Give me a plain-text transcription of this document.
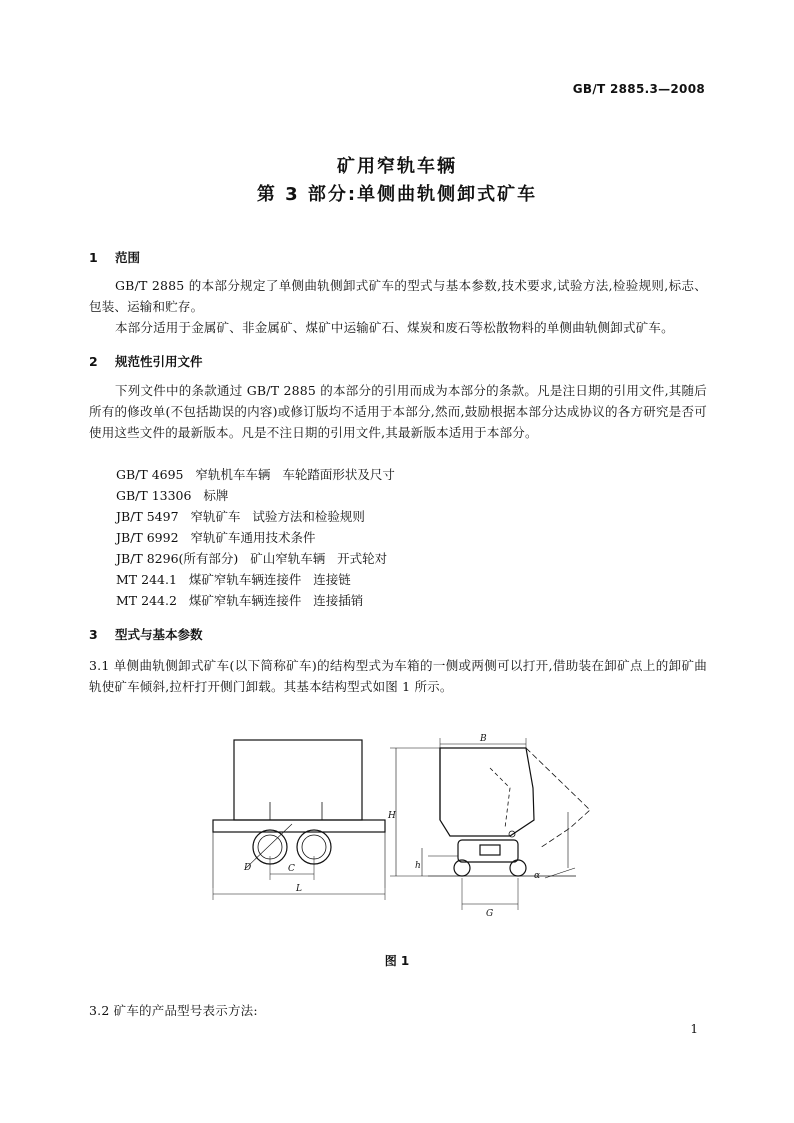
GB/T 2885.3—2008
矿用窄轨车辆
第 3 部分:单侧曲轨侧卸式矿车
1 范围
GB/T 2885 的本部分规定了单侧曲轨侧卸式矿车的型式与基本参数,技术要求,试验方法,检验规则,标志、包装、运输和贮存。
本部分适用于金属矿、非金属矿、煤矿中运输矿石、煤炭和废石等松散物料的单侧曲轨侧卸式矿车。
2 规范性引用文件
下列文件中的条款通过 GB/T 2885 的本部分的引用而成为本部分的条款。凡是注日期的引用文件,其随后所有的修改单(不包括勘误的内容)或修订版均不适用于本部分,然而,鼓励根据本部分达成协议的各方研究是否可使用这些文件的最新版本。凡是不注日期的引用文件,其最新版本适用于本部分。
GB/T 4695   窄轨机车车辆   车轮踏面形状及尺寸
GB/T 13306   标牌
JB/T 5497   窄轨矿车   试验方法和检验规则
JB/T 6992   窄轨矿车通用技术条件
JB/T 8296(所有部分)   矿山窄轨车辆   开式轮对
MT 244.1   煤矿窄轨车辆连接件   连接链
MT 244.2   煤矿窄轨车辆连接件   连接插销
3 型式与基本参数
3.1 单侧曲轨侧卸式矿车(以下简称矿车)的结构型式为车箱的一侧或两侧可以打开,借助装在卸矿点上的卸矿曲轨使矿车倾斜,拉杆打开侧门卸载。其基本结构型式如图 1 所示。
D	C
L
H
h
B
G
α
图 1
3.2 矿车的产品型号表示方法:
1
